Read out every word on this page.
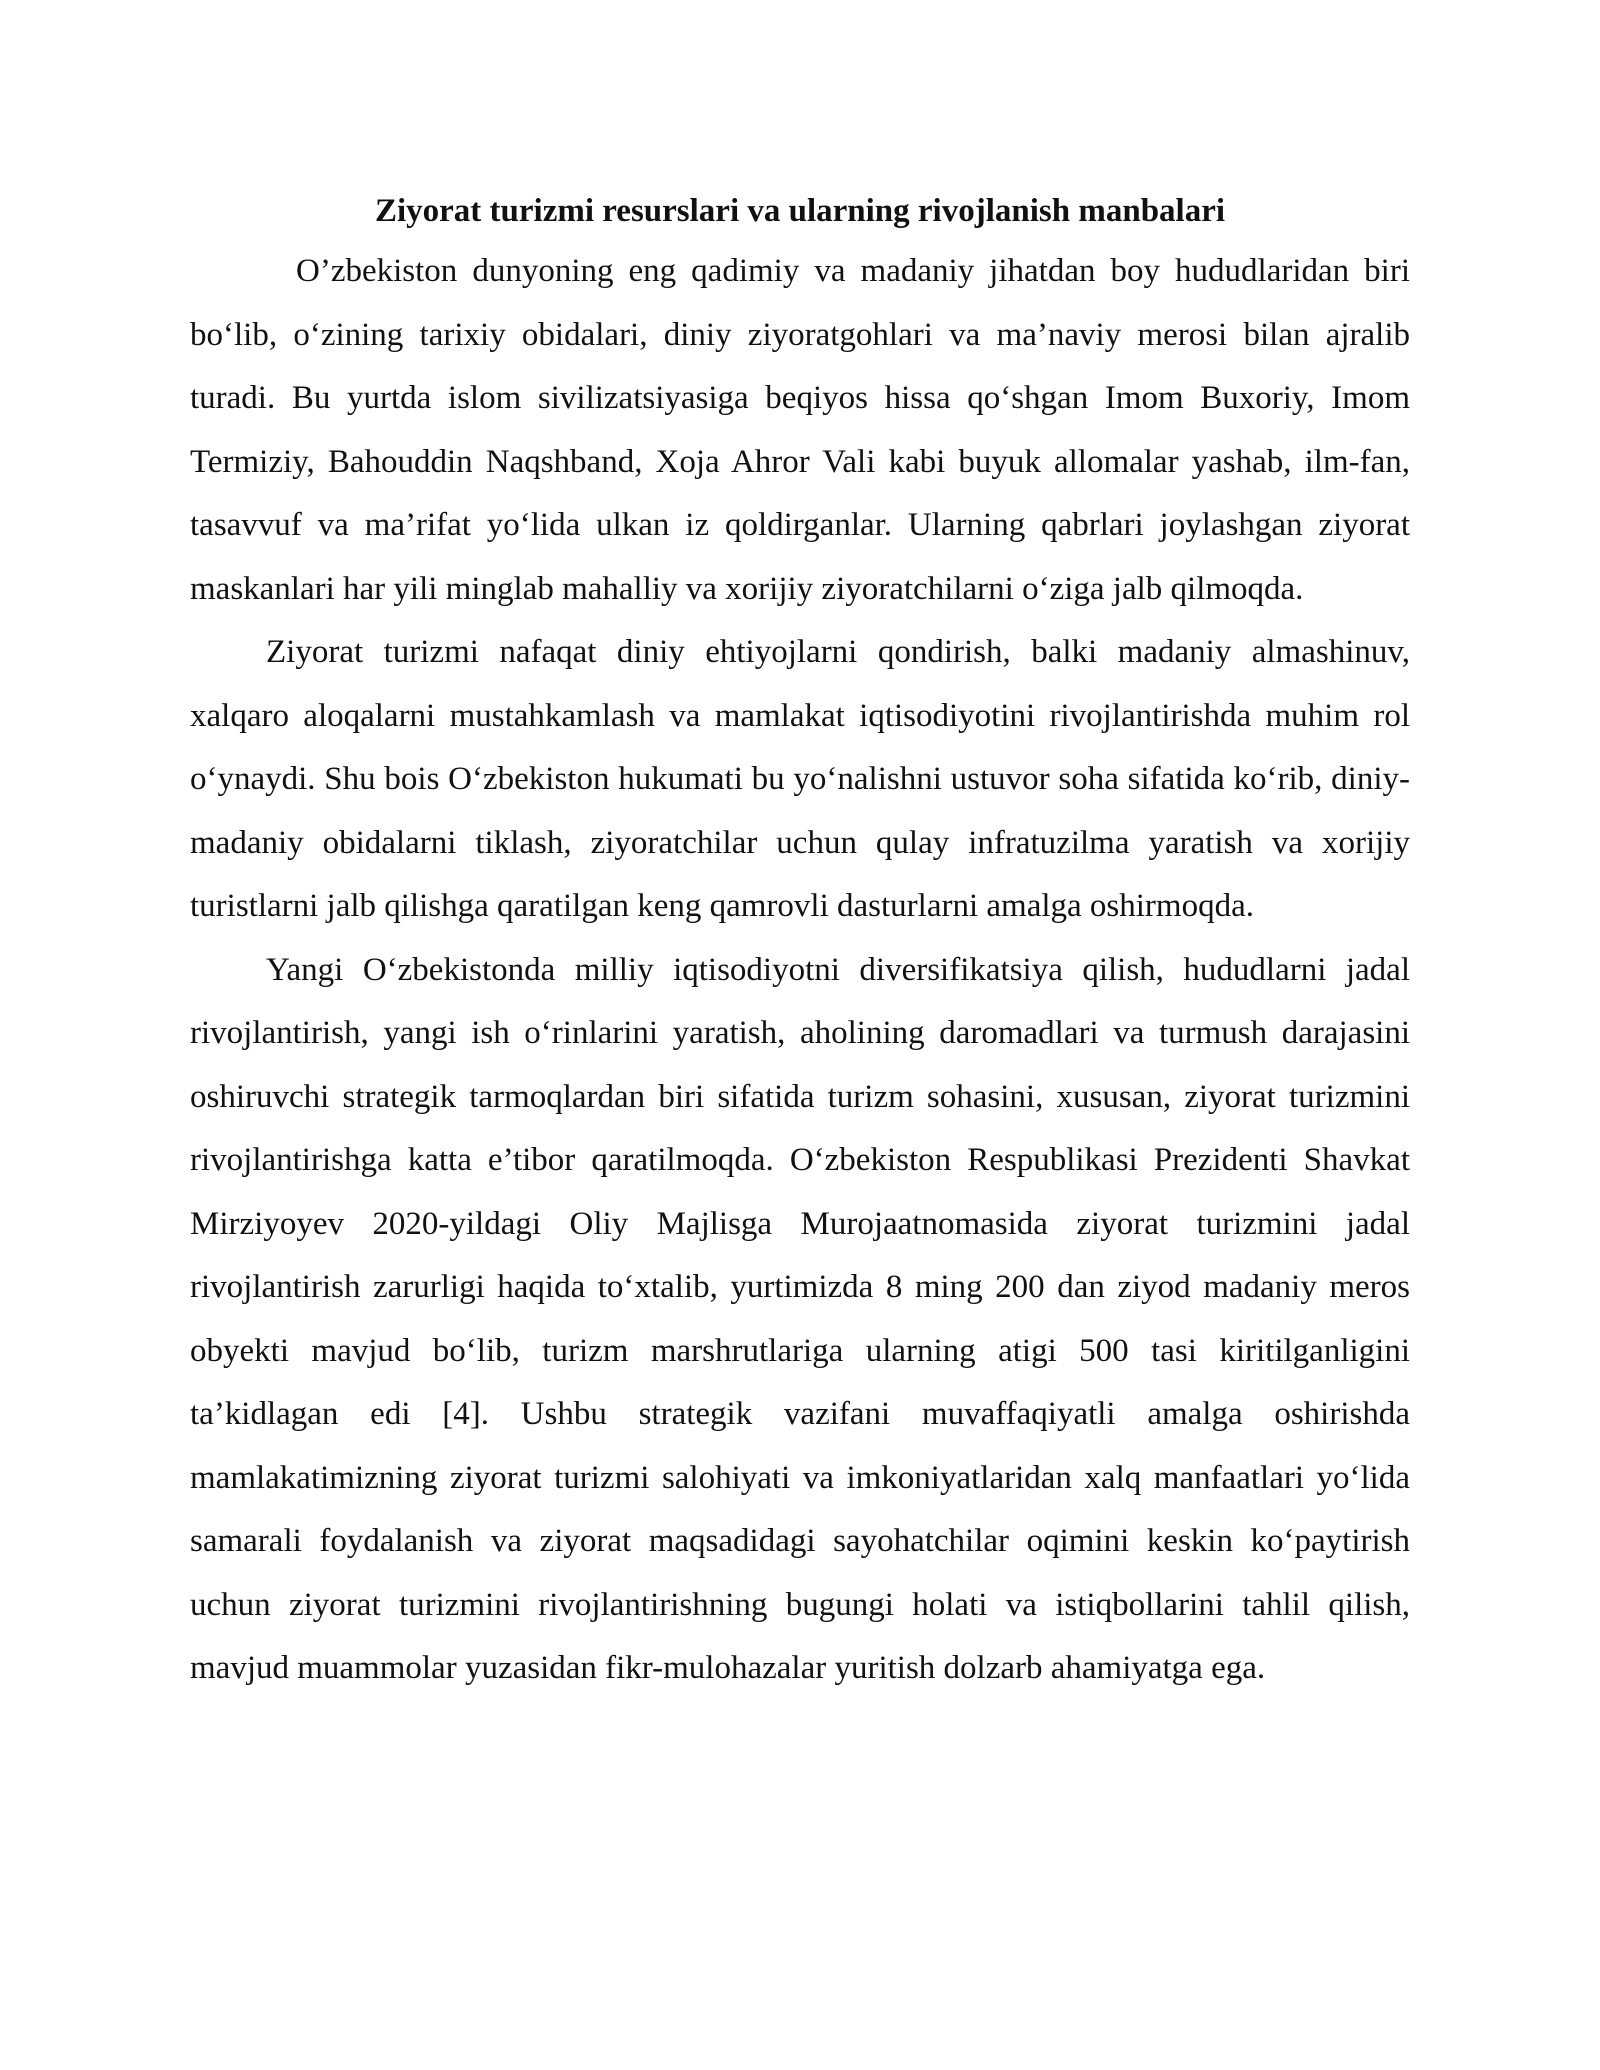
Ziyorat turizmi resurslari va ularning rivojlanish manbalari

O’zbekiston dunyoning eng qadimiy va madaniy jihatdan boy hududlaridan biri bo‘lib, o‘zining tarixiy obidalari, diniy ziyoratgohlari va ma’naviy merosi bilan ajralib turadi. Bu yurtda islom sivilizatsiyasiga beqiyos hissa qo‘shgan Imom Buxoriy, Imom Termiziy, Bahouddin Naqshband, Xoja Ahror Vali kabi buyuk allomalar yashab, ilm-fan, tasavvuf va ma’rifat yo‘lida ulkan iz qoldirganlar. Ularning qabrlari joylashgan ziyorat maskanlari har yili minglab mahalliy va xorijiy ziyoratchilarni o‘ziga jalb qilmoqda.

Ziyorat turizmi nafaqat diniy ehtiyojlarni qondirish, balki madaniy almashinuv, xalqaro aloqalarni mustahkamlash va mamlakat iqtisodiyotini rivojlantirishda muhim rol o‘ynaydi. Shu bois O‘zbekiston hukumati bu yo‘nalishni ustuvor soha sifatida ko‘rib, diniy-madaniy obidalarni tiklash, ziyoratchilar uchun qulay infratuzilma yaratish va xorijiy turistlarni jalb qilishga qaratilgan keng qamrovli dasturlarni amalga oshirmoqda.

Yangi O‘zbekistonda milliy iqtisodiyotni diversifikatsiya qilish, hududlarni jadal rivojlantirish, yangi ish o‘rinlarini yaratish, aholining daromadlari va turmush darajasini oshiruvchi strategik tarmoqlardan biri sifatida turizm sohasini, xususan, ziyorat turizmini rivojlantirishga katta e’tibor qaratilmoqda. O‘zbekiston Respublikasi Prezidenti Shavkat Mirziyoyev 2020-yildagi Oliy Majlisga Murojaatnomasida ziyorat turizmini jadal rivojlantirish zarurligi haqida to‘xtalib, yurtimizda 8 ming 200 dan ziyod madaniy meros obyekti mavjud bo‘lib, turizm marshrutlariga ularning atigi 500 tasi kiritilganligini ta’kidlagan edi [4]. Ushbu strategik vazifani muvaffaqiyatli amalga oshirishda mamlakatimizning ziyorat turizmi salohiyati va imkoniyatlaridan xalq manfaatlari yo‘lida samarali foydalanish va ziyorat maqsadidagi sayohatchilar oqimini keskin ko‘paytirish uchun ziyorat turizmini rivojlantirishning bugungi holati va istiqbollarini tahlil qilish, mavjud muammolar yuzasidan fikr-mulohazalar yuritish dolzarb ahamiyatga ega.
